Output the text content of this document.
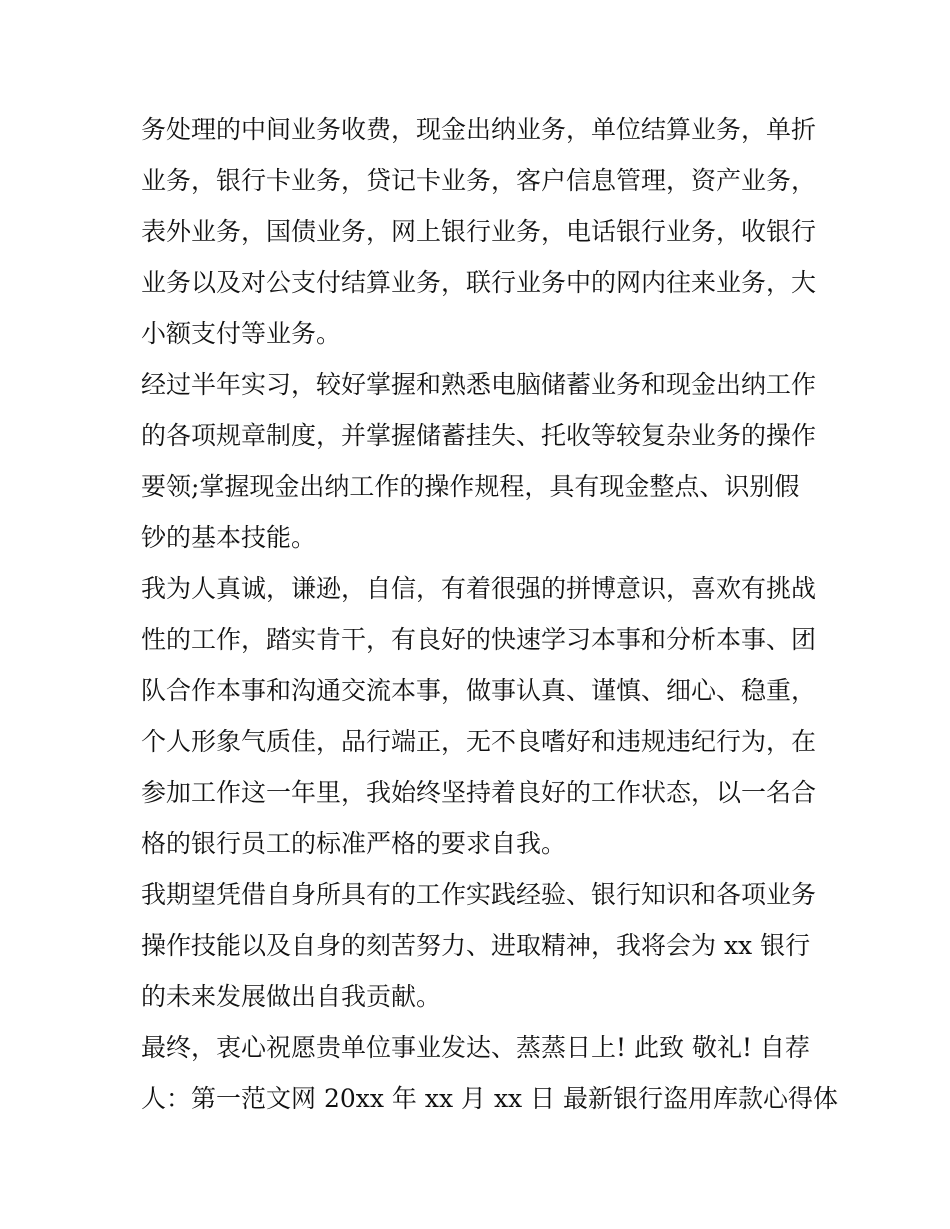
务处理的中间业务收费，现金出纳业务，单位结算业务，单折
业务，银行卡业务，贷记卡业务，客户信息管理，资产业务，
表外业务，国债业务，网上银行业务，电话银行业务，收银行
业务以及对公支付结算业务，联行业务中的网内往来业务，大
小额支付等业务。
经过半年实习，较好掌握和熟悉电脑储蓄业务和现金出纳工作
的各项规章制度，并掌握储蓄挂失、托收等较复杂业务的操作
要领;掌握现金出纳工作的操作规程，具有现金整点、识别假
钞的基本技能。
我为人真诚，谦逊，自信，有着很强的拼博意识，喜欢有挑战
性的工作，踏实肯干，有良好的快速学习本事和分析本事、团
队合作本事和沟通交流本事，做事认真、谨慎、细心、稳重，
个人形象气质佳，品行端正，无不良嗜好和违规违纪行为，在
参加工作这一年里，我始终坚持着良好的工作状态，以一名合
格的银行员工的标准严格的要求自我。
我期望凭借自身所具有的工作实践经验、银行知识和各项业务
操作技能以及自身的刻苦努力、进取精神，我将会为 xx 银行
的未来发展做出自我贡献。
最终，衷心祝愿贵单位事业发达、蒸蒸日上! 此致 敬礼! 自荐
人：第一范文网 20xx 年 xx 月 xx 日 最新银行盗用库款心得体
